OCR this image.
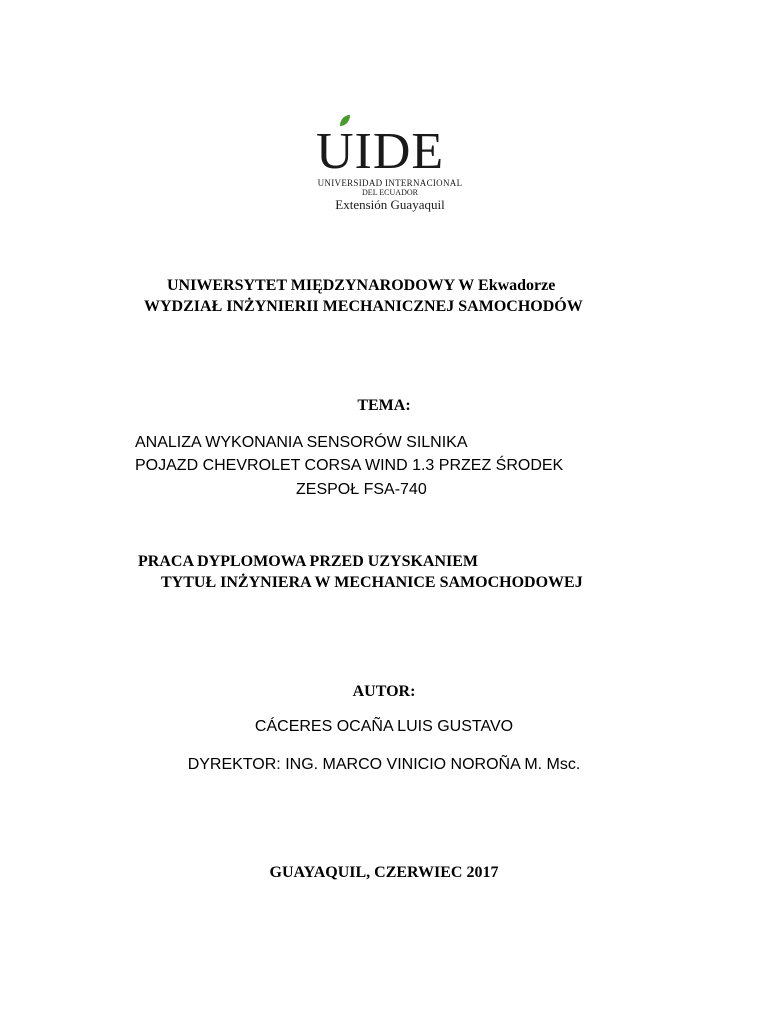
UIDE
UNIVERSIDAD INTERNACIONAL
DEL ECUADOR
Extensión Guayaquil
UNIWERSYTET MIĘDZYNARODOWY W Ekwadorze
WYDZIAŁ INŻYNIERII MECHANICZNEJ SAMOCHODÓW
TEMA:
ANALIZA WYKONANIA SENSORÓW SILNIKA
POJAZD CHEVROLET CORSA WIND 1.3 PRZEZ ŚRODEK
ZESPOŁ FSA-740
PRACA DYPLOMOWA PRZED UZYSKANIEM
TYTUŁ INŻYNIERA W MECHANICE SAMOCHODOWEJ
AUTOR:
CÁCERES OCAÑA LUIS GUSTAVO
DYREKTOR: ING. MARCO VINICIO NOROÑA M. Msc.
GUAYAQUIL, CZERWIEC 2017
